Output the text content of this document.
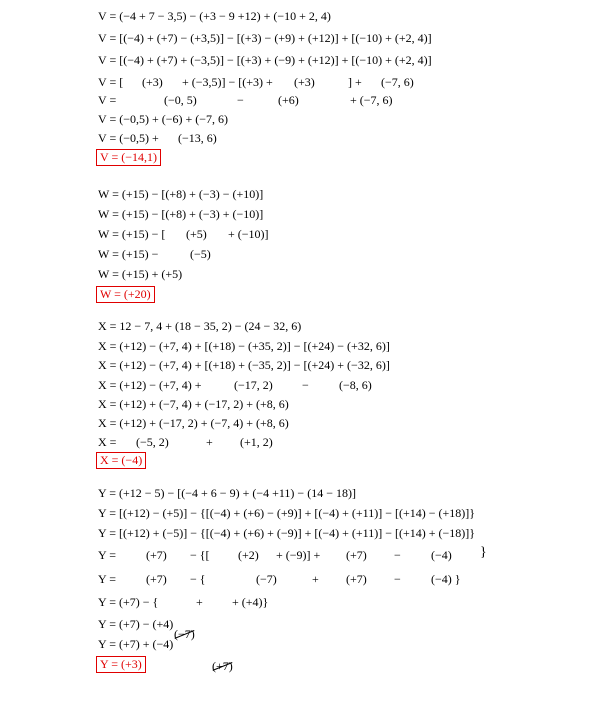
V = (−4 + 7 − 3,5) − (+3 − 9 +12) + (−10 + 2, 4)
V = [(−4) + (+7) − (+3,5)] − [(+3) − (+9) + (+12)] + [(−10) + (+2, 4)]
V = [(−4) + (+7) + (−3,5)] − [(+3) + (−9) + (+12)] + [(−10) + (+2, 4)]

V = [

(+3)

+ (−3,5)] − [(+3) +

(+3)

	] +

(−7, 6)

V =

	(−0, 5)

	−

	(+6)

	+ (−7, 6)

V = (−0,5) + (−6) + (−7, 6)

V = (−0,5) +

(−13, 6)

V = (−14,1)
W = (+15) − [(+8) + (−3) − (+10)]
W = (+15) − [(+8) + (−3) + (−10)]

W = (+15) − [

(+5)

+ (−10)]

W = (+15) −

	(−5)

W = (+15) + (+5)
W = (+20)
X = 12 − 7, 4 + (18 − 35, 2) − (24 − 32, 6)
X = (+12) − (+7, 4) + [(+18) − (+35, 2)] − [(+24) − (+32, 6)]
X = (+12) − (+7, 4) + [(+18) + (−35, 2)] − [(+24) + (−32, 6)]

X = (+12) − (+7, 4) +

	(−17, 2)

−

	(−8, 6)

X = (+12) + (−7, 4) + (−17, 2) + (+8, 6)
X = (+12) + (−17, 2) + (−7, 4) + (+8, 6)

X =

(−5, 2)

	+

(+1, 2)

X = (−4)
Y = (+12 − 5) − [(−4 + 6 − 9) + (−4 +11) − (14 − 18)]
Y = [(+12) − (+5)] − {[(−4) + (+6) − (+9)] + [(−4) + (+11)] − [(+14) − (+18)]}
Y = [(+12) + (−5)] − {[(−4) + (+6) + (−9)] + [(−4) + (+11)] − [(+14) + (−18)]}

Y =

	(+7)

− {[

(+2)

+ (−9)] +

(+7)

−

	(−4)

}

Y =

	(+7)

− {

	(−7)

	+

(+7)

−

	(−4) }

Y = (+7) − {

(−7)

+

(+7)

+ (+4)}

Y = (+7) − (+4)
Y = (+7) + (−4)
Y = (+3)
